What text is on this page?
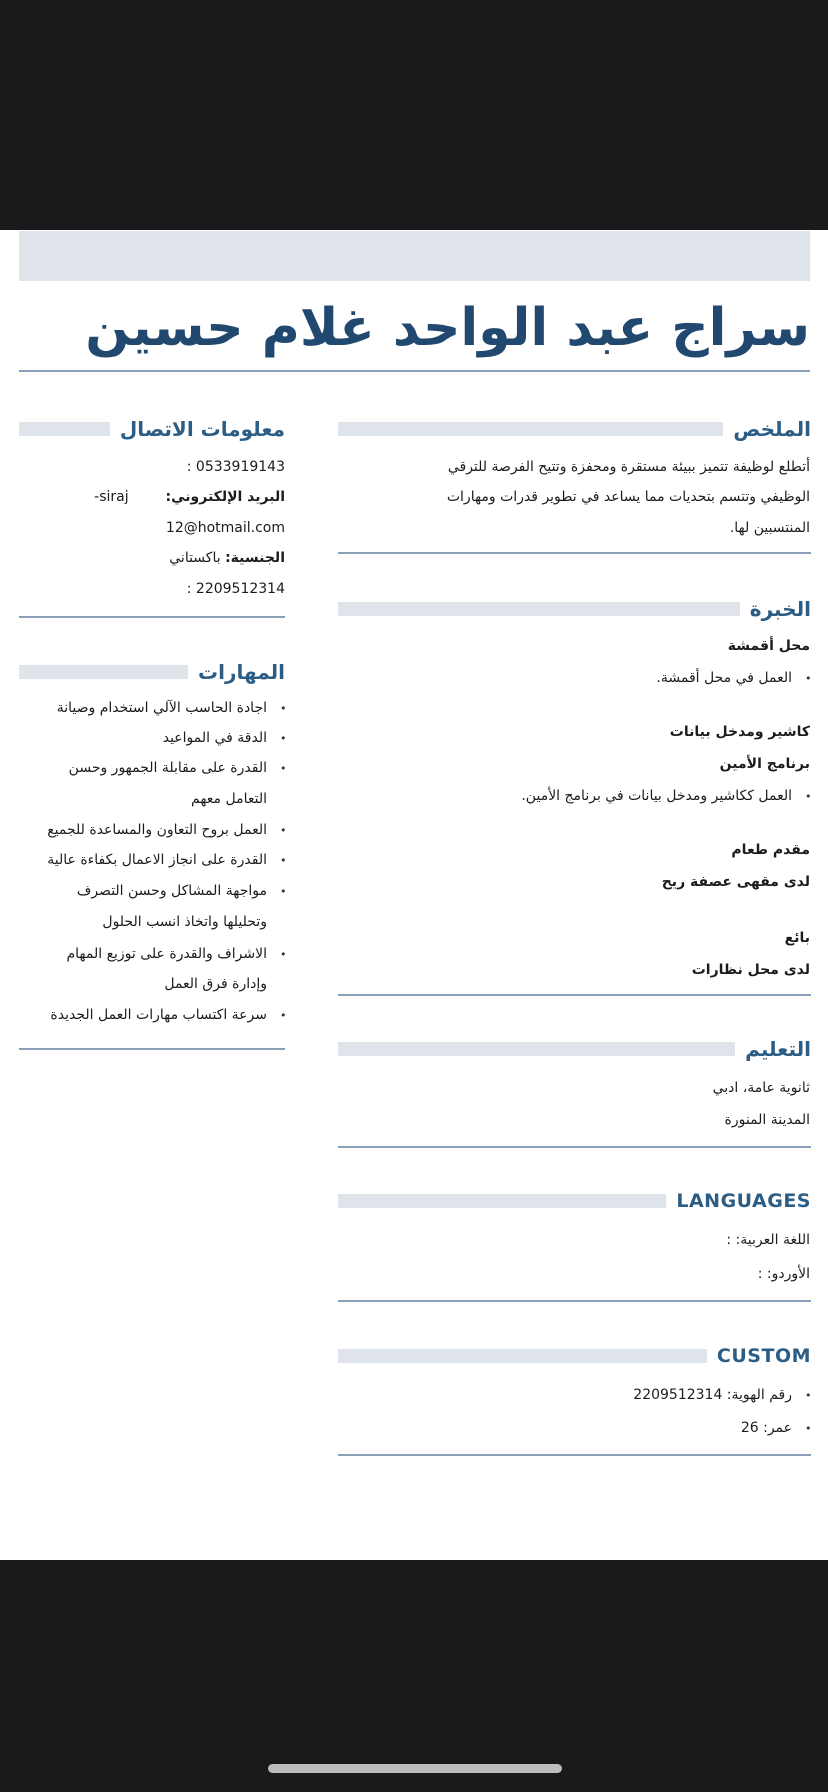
سراج عبد الواحد غلام حسين
الملخص
أتطلع لوظيفة تتميز ببيئة مستقرة ومحفزة وتتيح الفرصة للترقي
الوظيفي وتتسم بتحديات مما يساعد في تطوير قدرات ومهارات
المنتسبين لها.
الخبرة
محل أقمشة
العمل في محل أقمشة. •
كاشير ومدخل بيانات
برنامج الأمين
العمل ككاشير ومدخل بيانات في برنامج الأمين. •
مقدم طعام
لدى مقهى عصفة ريح
بائع
لدى محل نظارات
التعليم
ثانوية عامة، ادبي
المدينة المنورة
LANGUAGES
اللغة العربية: :
الأوردو: :
CUSTOM
رقم الهوية: 2209512314 •
عمر: 26 •
معلومات الاتصال
0533919143 :
البريد الإلكتروني:  siraj-
12@hotmail.com
الجنسية: باكستاني
2209512314 :
المهارات
اجادة الحاسب الآلي استخدام وصيانة •
الدقة في المواعيد •
القدرة على مقابلة الجمهور وحسن •
التعامل معهم
العمل بروح التعاون والمساعدة للجميع •
القدرة على انجاز الاعمال بكفاءة عالية •
مواجهة المشاكل وحسن التصرف •
وتحليلها واتخاذ انسب الحلول
الاشراف والقدرة على توزيع المهام •
وإدارة فرق العمل
سرعة اكتساب مهارات العمل الجديدة •
